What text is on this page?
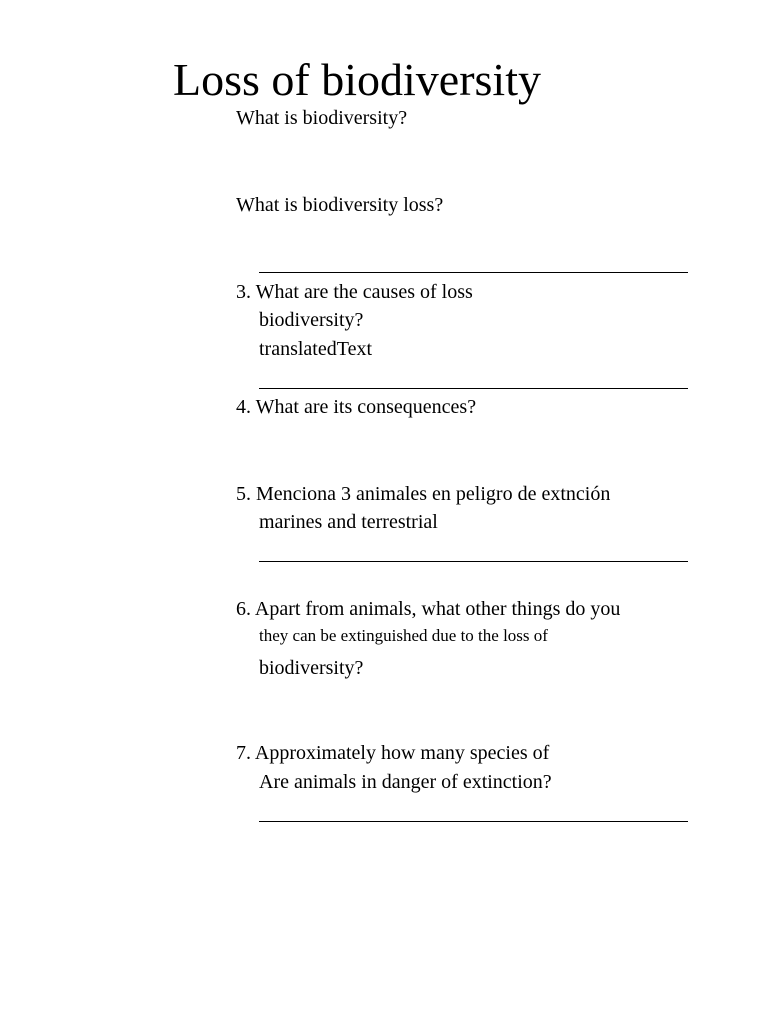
Loss of biodiversity
What is biodiversity?
What is biodiversity loss?
3. What are the causes of loss
biodiversity?
translatedText
4. What are its consequences?
5. Menciona 3 animales en peligro de extnción
marines and terrestrial
6. Apart from animals, what other things do you
they can be extinguished due to the loss of
biodiversity?
7. Approximately how many species of
Are animals in danger of extinction?
